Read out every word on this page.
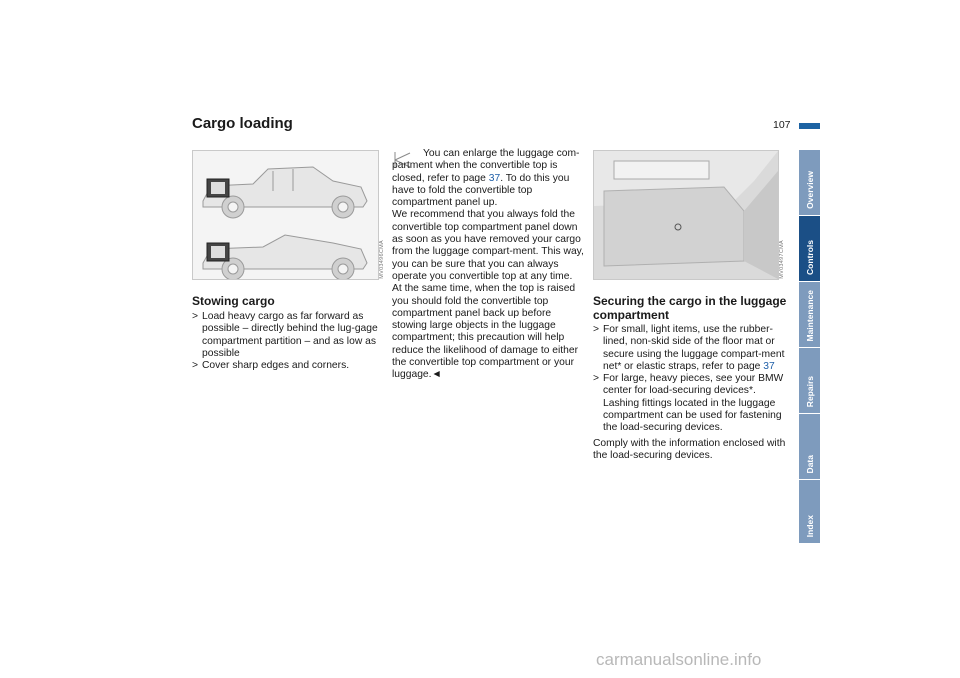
Cargo loading	107
MV03496CMA
Stowing cargo
> Load heavy cargo as far forward as possible – directly behind the lug-gage compartment partition – and as low as possible
> Cover sharp edges and corners.
You can enlarge the luggage com-partment when the convertible top is closed, refer to page 37. To do this you have to fold the convertible top compartment panel up.
We recommend that you always fold the convertible top compartment panel down as soon as you have removed your cargo from the luggage compart-ment. This way, you can be sure that you can always operate you convertible top at any time.
At the same time, when the top is raised you should fold the convertible top compartment panel back up before stowing large objects in the luggage compartment; this precaution will help reduce the likelihood of damage to either the convertible top compartment or your luggage.◄
MV03497CMA
Securing the cargo in the luggage compartment
> For small, light items, use the rubber-lined, non-skid side of the floor mat or secure using the luggage compart-ment net* or elastic straps, refer to page 37
> For large, heavy pieces, see your BMW center for load-securing devices*. Lashing fittings located in the luggage compartment can be used for fastening the load-securing devices.
Comply with the information enclosed with the load-securing devices.
Overview
Controls
Maintenance
Repairs
Data
Index
carmanualsonline.info
